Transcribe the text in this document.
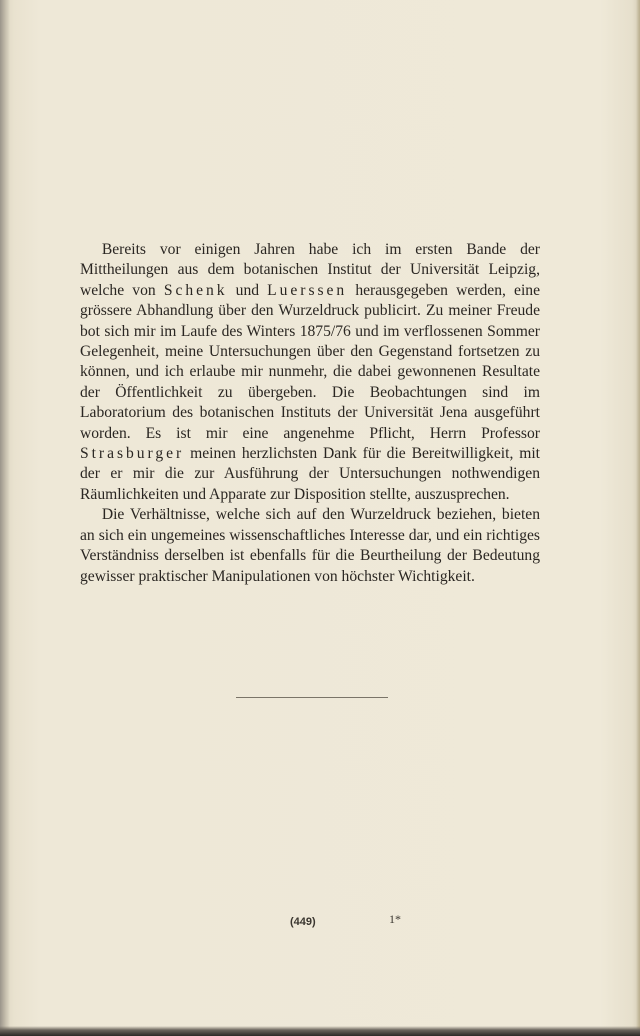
Bereits vor einigen Jahren habe ich im ersten Bande der Mittheilungen aus dem botanischen Institut der Universität Leipzig, welche von Schenk und Luerssen herausgegeben werden, eine grössere Abhandlung über den Wurzeldruck publicirt. Zu meiner Freude bot sich mir im Laufe des Winters 1875/76 und im verflossenen Sommer Gelegenheit, meine Untersuchungen über den Gegenstand fortsetzen zu können, und ich erlaube mir nunmehr, die dabei gewonnenen Resultate der Öffentlichkeit zu übergeben. Die Beobachtungen sind im Laboratorium des botanischen Instituts der Universität Jena ausgeführt worden. Es ist mir eine angenehme Pflicht, Herrn Professor Strasburger meinen herzlichsten Dank für die Bereitwilligkeit, mit der er mir die zur Ausführung der Untersuchungen nothwendigen Räumlichkeiten und Apparate zur Disposition stellte, auszusprechen.

Die Verhältnisse, welche sich auf den Wurzeldruck beziehen, bieten an sich ein ungemeines wissenschaftliches Interesse dar, und ein richtiges Verständniss derselben ist ebenfalls für die Beurtheilung der Bedeutung gewisser praktischer Manipulationen von höchster Wichtigkeit.

(449)	1*
